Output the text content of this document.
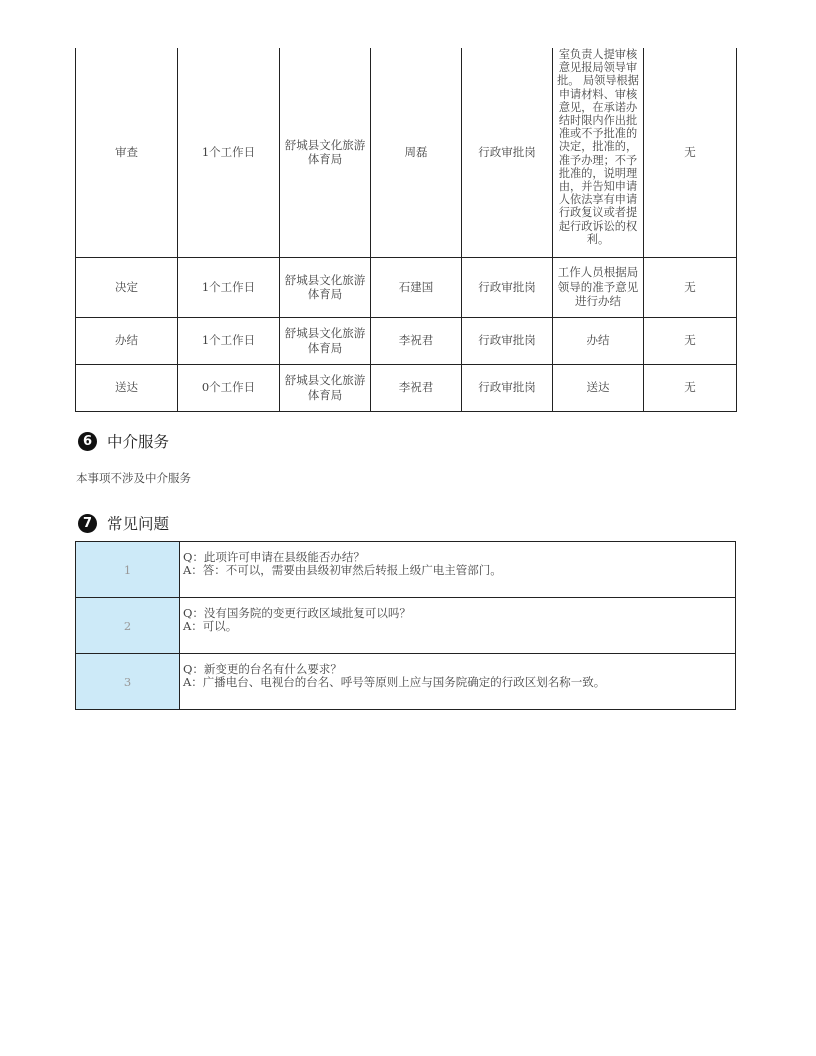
审查	1个工作日	舒城县文化旅游体育局	周磊	行政审批岗	室负责人提审核意见报局领导审批。 局领导根据申请材料、审核意见，在承诺办结时限内作出批准或不予批准的决定，批准的，准予办理；不予批准的，说明理由，并告知申请人依法享有申请行政复议或者提起行政诉讼的权利。	无
决定	1个工作日	舒城县文化旅游体育局	石建国	行政审批岗	工作人员根据局领导的准予意见进行办结	无
办结	1个工作日	舒城县文化旅游体育局	李祝君	行政审批岗	办结	无
送达	0个工作日	舒城县文化旅游体育局	李祝君	行政审批岗	送达	无
6 中介服务
本事项不涉及中介服务
7 常见问题
1	Q：此项许可申请在县级能否办结？
A：答：不可以，需要由县级初审然后转报上级广电主管部门。

2	Q：没有国务院的变更行政区域批复可以吗？
A：可以。

3	Q：新变更的台名有什么要求？
A：广播电台、电视台的台名、呼号等原则上应与国务院确定的行政区划名称一致。
